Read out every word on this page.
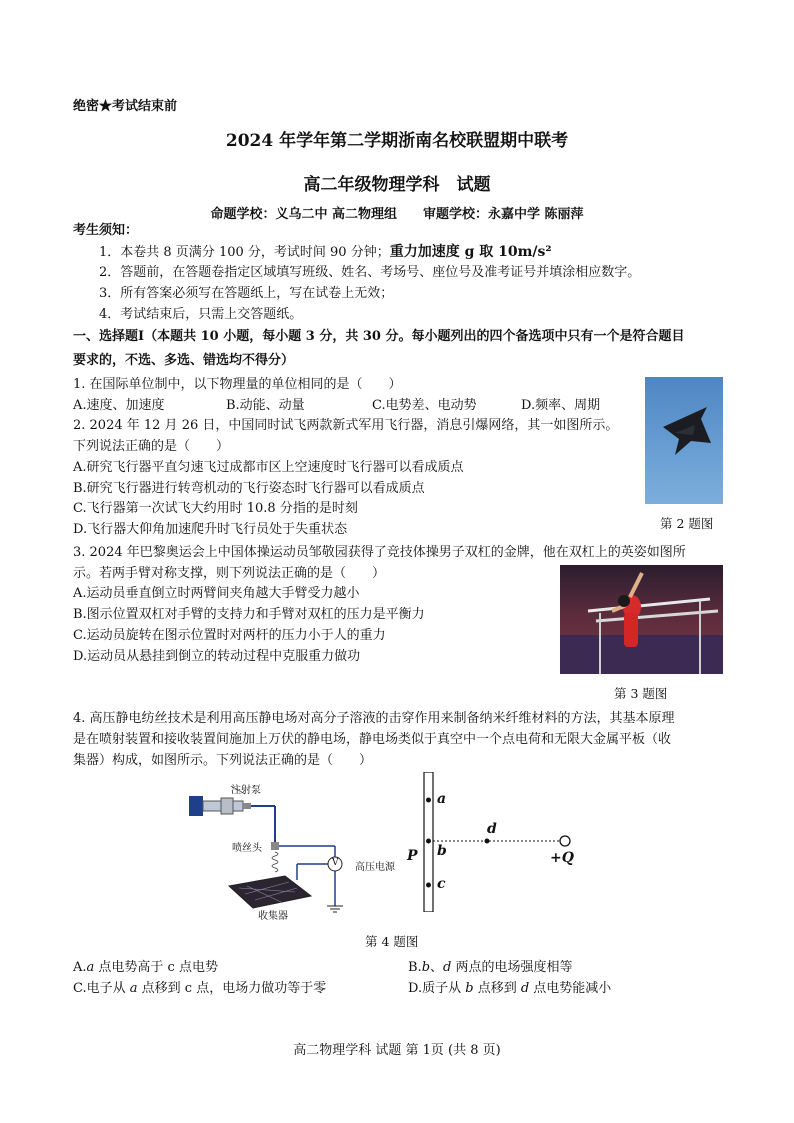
绝密★考试结束前
2024 年学年第二学期浙南名校联盟期中联考
高二年级物理学科　试题
命题学校：义乌二中 高二物理组　　审题学校：永嘉中学 陈丽萍
考生须知：
1．本卷共 8 页满分 100 分，考试时间 90 分钟；重力加速度 g 取 10m/s²
2．答题前，在答题卷指定区域填写班级、姓名、考场号、座位号及准考证号并填涂相应数字。
3．所有答案必须写在答题纸上，写在试卷上无效；
4．考试结束后，只需上交答题纸。
一、选择题Ⅰ（本题共 10 小题，每小题 3 分，共 30 分。每小题列出的四个备选项中只有一个是符合题目
要求的，不选、多选、错选均不得分）
1. 在国际单位制中，以下物理量的单位相同的是（　　）
A.速度、加速度	B.动能、动量	C.电势差、电动势	D.频率、周期
2. 2024 年 12 月 26 日，中国同时试飞两款新式军用飞行器，消息引爆网络，其一如图所示。
下列说法正确的是（　　）
A.研究飞行器平直匀速飞过成都市区上空速度时飞行器可以看成质点
B.研究飞行器进行转弯机动的飞行姿态时飞行器可以看成质点
C.飞行器第一次试飞大约用时 10.8 分指的是时刻
D.飞行器大仰角加速爬升时飞行员处于失重状态	第 2 题图
3. 2024 年巴黎奥运会上中国体操运动员邹敬园获得了竞技体操男子双杠的金牌，他在双杠上的英姿如图所
示。若两手臂对称支撑，则下列说法正确的是（　　）
A.运动员垂直倒立时两臂间夹角越大手臂受力越小
B.图示位置双杠对手臂的支持力和手臂对双杠的压力是平衡力
C.运动员旋转在图示位置时对两杆的压力小于人的重力
D.运动员从悬挂到倒立的转动过程中克服重力做功
第 3 题图
4. 高压静电纺丝技术是利用高压静电场对高分子溶液的击穿作用来制备纳米纤维材料的方法，其基本原理
是在喷射装置和接收装置间施加上万伏的静电场，静电场类似于真空中一个点电荷和无限大金属平板（收
集器）构成，如图所示。下列说法正确的是（　　）
注射泵
喷丝头
V 高压电源
收集器
a
b
c
d
P	+Q
第 4 题图
A.a 点电势高于 c 点电势	B.b、d 两点的电场强度相等
C.电子从 a 点移到 c 点，电场力做功等于零	D.质子从 b 点移到 d 点电势能减小
高二物理学科 试题 第 1页 (共 8 页)
